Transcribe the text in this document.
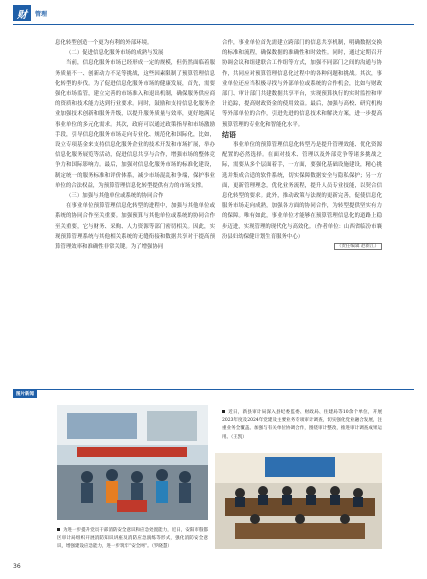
财	管理

息化转型创造一个更为有利的外部环境。

（二）促进信息化服务市场的成熟与发展

当前，信息化服务市场已经形成一定的规模，但仍然面临着服务质量不一、创新动力不足等挑战，这些因素限制了预算管理信息化转型的步伐。为了促进信息化服务市场的健康发展，首先，需要强化市场监管，建立完善的市场准入和退出机制，确保服务供应商的资质和技术能力达到行业要求。同时，鼓励和支持信息化服务企业加强技术创新和服务升级，以提升服务质量与效率，更好地满足事业单位的多元化需求。其次，政府可以通过政策指导和市场激励手段，引导信息化服务市场走向专业化、规范化和国际化，比如，设立专项基金来支持信息化服务企业的技术开发和市场扩展，举办信息化服务展览等活动，促进信息共享与合作，增强市场的整体竞争力和国际影响力。最后，加强对信息化服务市场的标准化建设，制定统一的服务标准和评价体系，减少市场混乱和争端，保护事业单位的合法权益，为预算管理信息化转型提供有力的市场支撑。

（三）加强与其他单位或系统的协同合作

在事业单位预算管理信息化转型的进程中，加强与其他单位或系统的协同合作至关重要。加强预算与其他单位或系统的协同合作至关重要，它与财务、采购、人力资源等部门密切相关。因此，实现预算管理系统与其他相关系统的无缝衔接和数据共享对于提高预算管理效率和准确性非常关键。为了增强协同

合作，事业单位首先需建立跨部门的信息共享机制，明确数据交换的标准和流程，确保数据的准确性和时效性。同时，通过定期召开协调会议和组建联合工作组等方式，加强不同部门之间的沟通与协作，共同应对预算管理信息化过程中的各种问题和挑战。其次，事业单位还应当积极寻找与外部单位或系统的合作机会，比如与财政部门、审计部门共建数据共享平台，实现预算执行的实时监控和审计追踪，提高财政资金的使用效益。最后，加强与高校、研究机构等外部单位的合作，引进先进的信息技术和解决方案，进一步提高预算管理的专业化和智能化水平。

结语

事业单位的预算管理信息化转型乃是提升管理效能、优化资源配置的必然选择。在面对技术、管理以及外部竞争等诸多挑战之际，需要从多个层面着手，一方面，要强化基础设施建设，精心挑选并集成合适的软件系统，切实保障数据安全与隐私保护；另一方面，更新管理理念，优化业务流程，提升人员专业技能，以契合信息化转型的要求。此外，推动政策与法规的更新完善，促使信息化服务市场走向成熟，加强各方面的协同合作，为转型提供坚实有力的保障。唯有如此，事业单位才能够在预算管理信息化的道路上稳步迈进，实现管理的现代化与高效化。（作者单位：山西省临汾市襄汾县妇幼保健计划生育服务中心）

（责任编辑 赵新江）

图片新闻
近日，新县审计局深入县纪委监委、财政局、住建局等10余个单位，开展2023年度及2024年党建及主要业务专项审计调查，切实强化党业融合发展，注重业务全覆盖。加强与有关单位协调合作，围绕审计整改，推进审计调查成果运用。（王凯）
为进一步提升党员干部消防安全意识和应急处置能力，近日，安阳市殷都区审计局组织开展消防知识讲座及消防应急演练等形式，强化消防安全意识，增强建设应急能力，进一步筑牢“安全网”。（罗晓慧）
36
